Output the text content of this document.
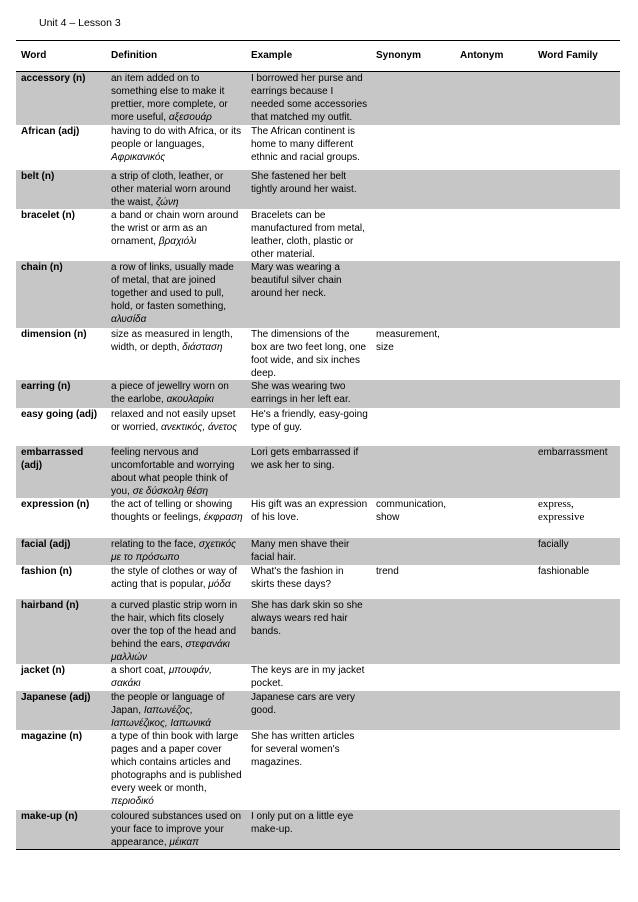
Unit 4 – Lesson 3
Word	Definition	Example	Synonym	Antonym	Word Family
accessory (n)	an item added on to something else to make it prettier, more complete, or more useful, αξεσουάρ	I borrowed her purse and earrings because I needed some accessories that matched my outfit.			
African (adj)	having to do with Africa, or its people or languages, Αφρικανικός	The African continent is home to many different ethnic and racial groups.			
belt (n)	a strip of cloth, leather, or other material worn around the waist, ζώνη	She fastened her belt tightly around her waist.			
bracelet (n)	a band or chain worn around the wrist or arm as an ornament, βραχιόλι	Bracelets can be manufactured from metal, leather, cloth, plastic or other material.			
chain (n)	a row of links, usually made of metal, that are joined together and used to pull, hold, or fasten something, αλυσίδα	Mary was wearing a beautiful silver chain around her neck.			
dimension (n)	size as measured in length, width, or depth, διάσταση	The dimensions of the box are two feet long, one foot wide, and six inches deep.	measurement, size		
earring (n)	a piece of jewellry worn on the earlobe, ακουλαρίκι	She was wearing two earrings in her left ear.			
easy going (adj)	relaxed and not easily upset or worried, ανεκτικός, άνετος	He's a friendly, easy-going type of guy.			
embarrassed (adj)	feeling nervous and uncomfortable and worrying about what people think of you, σε δύσκολη θέση	Lori gets embarrassed if we ask her to sing.			embarrassment
expression (n)	the act of telling or showing thoughts or feelings, έκφραση	His gift was an expression of his love.	communication, show		express, expressive
facial (adj)	relating to the face, σχετικός με το πρόσωπο	Many men shave their facial hair.			facially
fashion (n)	the style of clothes or way of acting that is popular, μόδα	What's the fashion in skirts these days?	trend		fashionable
hairband (n)	a curved plastic strip worn in the hair, which fits closely over the top of the head and behind the ears, στεφανάκι μαλλιών	She has dark skin so she always wears red hair bands.			
jacket (n)	a short coat, μπουφάν, σακάκι	The keys are in my jacket pocket.			
Japanese (adj)	the people or language of Japan, Ιαπωνέζος, Ιαπωνέζικος, Ιαπωνικά	Japanese cars are very good.			
magazine (n)	a type of thin book with large pages and a paper cover which contains articles and photographs and is published every week or month, περιοδικό	She has written articles for several women's magazines.			
make-up (n)	coloured substances used on your face to improve your appearance, μέικαπ	I only put on a little eye make-up.			
